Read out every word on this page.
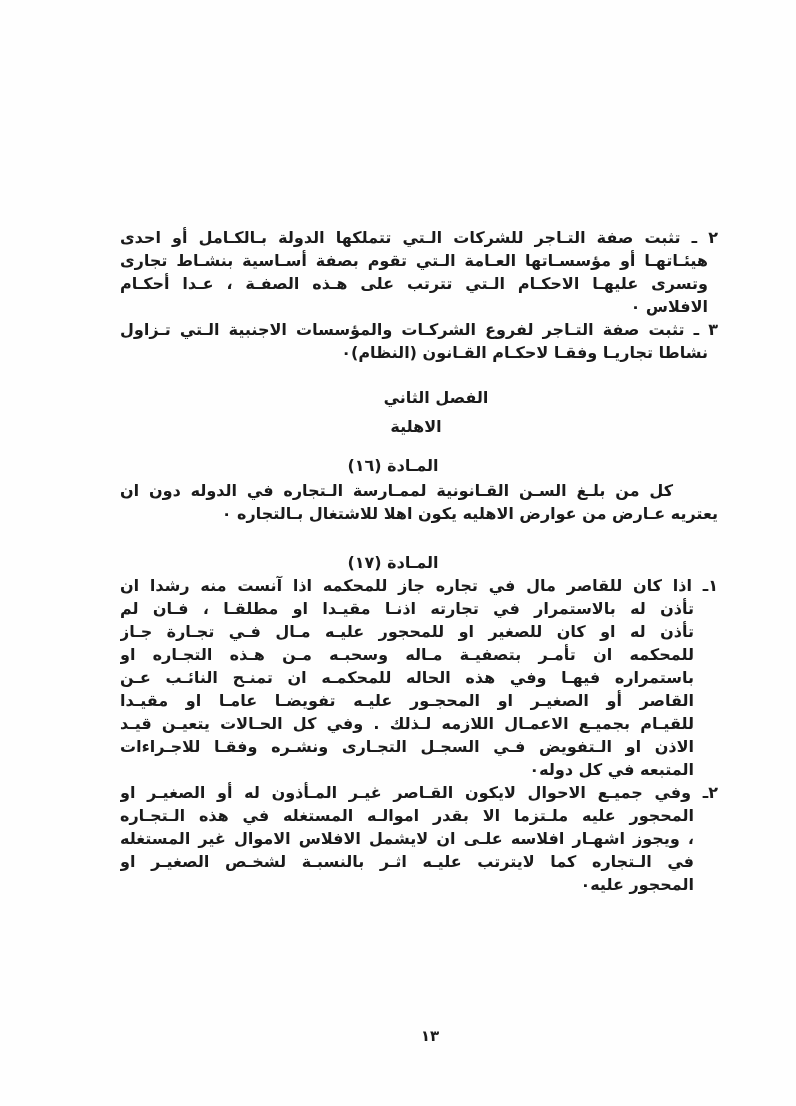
٢ ـ تثبت صفة التـاجر للشركات الـتي تتملكها الدولة بـالكـامل أو احدى
هيئـاتهـا أو مؤسسـاتها العـامة الـتي تقوم بصفة أسـاسية بنشـاط تجارى
وتسرى عليهـا الاحكـام الـتي تترتب على هـذه الصفـة ، عـدا أحكـام
الافلاس ٠
٣ ـ تثبت صفة التـاجر لفروع الشركـات والمؤسسات الاجنبية الـتي تـزاول
نشاطا تجاريـا وفقـا لاحكـام القـانون (النظام)٠
الفصل الثاني
الاهلية
المـادة (١٦)
كل من بلـغ السـن القـانونية لممـارسة الـتجاره في الدوله دون ان
يعتريه عـارض من عوارض الاهليه يكون اهلا للاشتغال بـالتجاره ٠
المـادة (١٧)
١ـ اذا كان للقاصر مال في تجاره جاز للمحكمه اذا آنست منه رشدا ان
تأذن له بالاستمرار في تجارته اذنـا مقيـدا او مطلقـا ، فـان لم
تأذن له او كان للصغير او للمحجور عليـه مـال فـي تجـارة جـاز
للمحكمه ان تأمـر بتصفيـة مـاله وسحبـه مـن هـذه التجـاره او
باستمراره فيهـا وفي هذه الحاله للمحكمـه ان تمنـح النائـب عـن
القاصر أو الصغيـر او المحجـور عليـه تفويضـا عامـا او مقيـدا
للقيـام بجميـع الاعمـال اللازمه لـذلك . وفي كل الحـالات يتعيـن قيـد
الاذن او الـتفويض فـي السجـل التجـارى ونشـره وفقـا للاجـراءات
المتبعه في كل دوله٠
٢ـ وفي جميـع الاحوال لايكون القـاصر غيـر المـأذون له أو الصغيـر او
المحجور عليه ملـتزما الا بقدر اموالـه المستغله في هذه الـتجـاره
، ويجوز اشهـار افلاسه علـى ان لايشمل الافلاس الاموال غير المستغله
في الـتجاره كما لايترتب عليـه اثـر بالنسبـة لشخـص الصغيـر او
المحجور عليه٠
١٣
